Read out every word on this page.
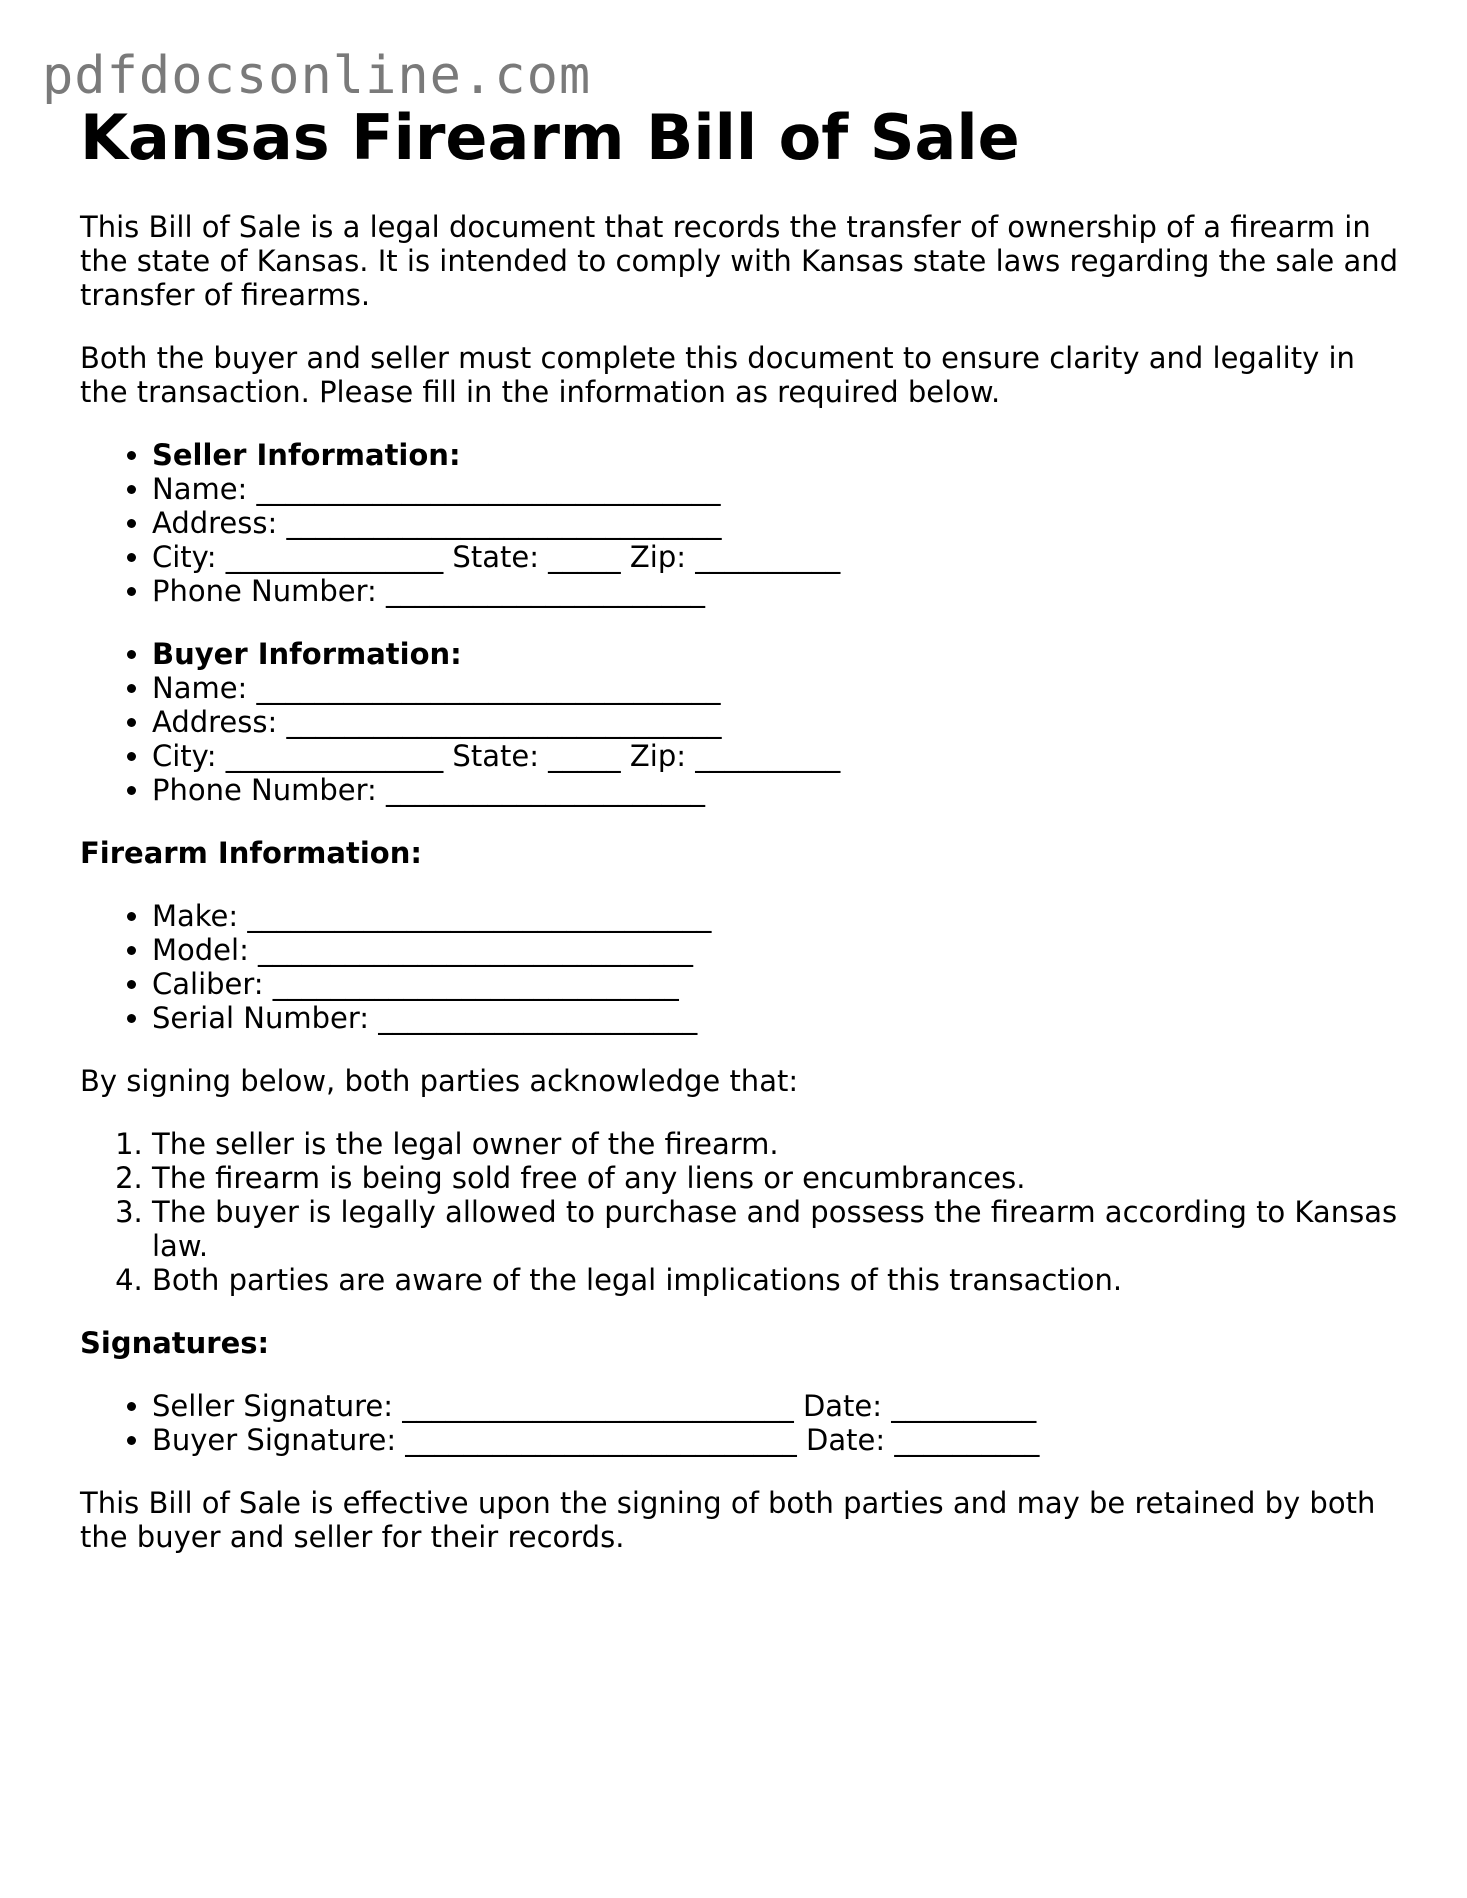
pdfdocsonline.com
Kansas Firearm Bill of Sale

This Bill of Sale is a legal document that records the transfer of ownership of a firearm in the state of Kansas. It is intended to comply with Kansas state laws regarding the sale and transfer of firearms.

Both the buyer and seller must complete this document to ensure clarity and legality in the transaction. Please fill in the information as required below.

• Seller Information:
• Name: ________________________________
• Address: ______________________________
• City: _______________ State: _____ Zip: __________
• Phone Number: ______________________
• Buyer Information:
• Name: ________________________________
• Address: ______________________________
• City: _______________ State: _____ Zip: __________
• Phone Number: ______________________

Firearm Information:

• Make: ________________________________
• Model: ______________________________
• Caliber: ____________________________
• Serial Number: ______________________

By signing below, both parties acknowledge that:

1. The seller is the legal owner of the firearm.
2. The firearm is being sold free of any liens or encumbrances.
3. The buyer is legally allowed to purchase and possess the firearm according to Kansas law.
4. Both parties are aware of the legal implications of this transaction.

Signatures:

• Seller Signature: ___________________________ Date: __________
• Buyer Signature: ___________________________ Date: __________

This Bill of Sale is effective upon the signing of both parties and may be retained by both the buyer and seller for their records.
